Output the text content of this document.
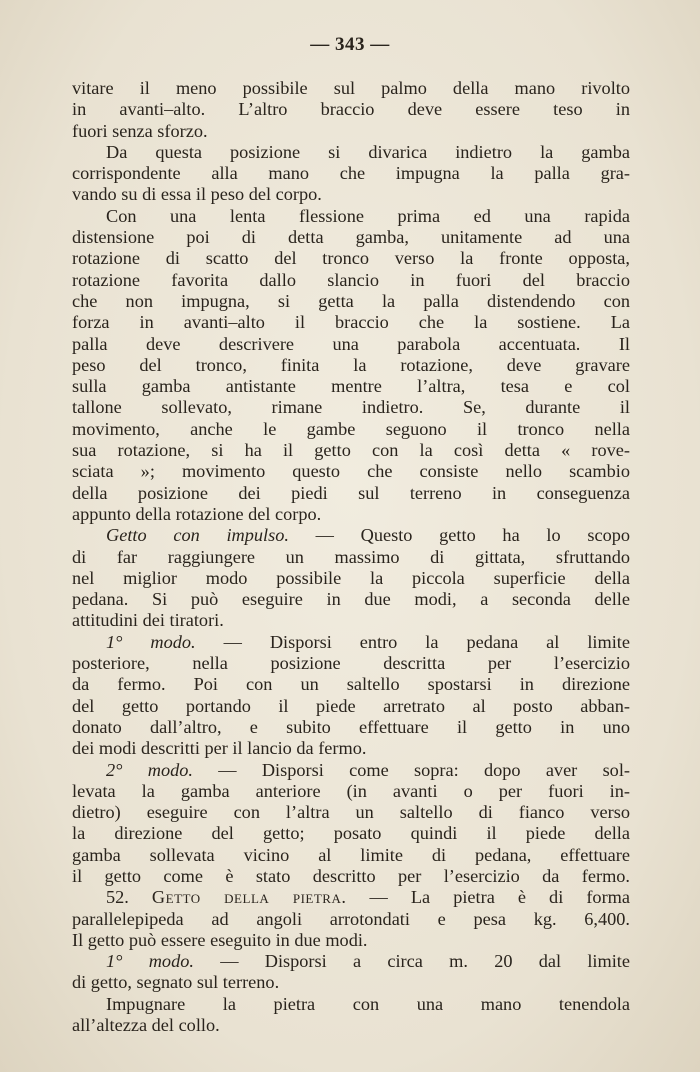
— 343 —
vitare il meno possibile sul palmo della mano rivolto
in avanti–alto. L’altro braccio deve essere teso in
fuori senza sforzo.
Da questa posizione si divarica indietro la gamba
corrispondente alla mano che impugna la palla gra-
vando su di essa il peso del corpo.
Con una lenta flessione prima ed una rapida
distensione poi di detta gamba, unitamente ad una
rotazione di scatto del tronco verso la fronte opposta,
rotazione favorita dallo slancio in fuori del braccio
che non impugna, si getta la palla distendendo con
forza in avanti–alto il braccio che la sostiene. La
palla deve descrivere una parabola accentuata. Il
peso del tronco, finita la rotazione, deve gravare
sulla gamba antistante mentre l’altra, tesa e col
tallone sollevato, rimane indietro. Se, durante il
movimento, anche le gambe seguono il tronco nella
sua rotazione, si ha il getto con la così detta « rove-
sciata »; movimento questo che consiste nello scambio
della posizione dei piedi sul terreno in conseguenza
appunto della rotazione del corpo.
Getto con impulso. — Questo getto ha lo scopo
di far raggiungere un massimo di gittata, sfruttando
nel miglior modo possibile la piccola superficie della
pedana. Si può eseguire in due modi, a seconda delle
attitudini dei tiratori.
1° modo. — Disporsi entro la pedana al limite
posteriore, nella posizione descritta per l’esercizio
da fermo. Poi con un saltello spostarsi in direzione
del getto portando il piede arretrato al posto abban-
donato dall’altro, e subito effettuare il getto in uno
dei modi descritti per il lancio da fermo.
2° modo. — Disporsi come sopra: dopo aver sol-
levata la gamba anteriore (in avanti o per fuori in-
dietro) eseguire con l’altra un saltello di fianco verso
la direzione del getto; posato quindi il piede della
gamba sollevata vicino al limite di pedana, effettuare
il getto come è stato descritto per l’esercizio da fermo.
52. Getto della pietra. — La pietra è di forma
parallelepipeda ad angoli arrotondati e pesa kg. 6,400.
Il getto può essere eseguito in due modi.
1° modo. — Disporsi a circa m. 20 dal limite
di getto, segnato sul terreno.
Impugnare la pietra con una mano tenendola
all’altezza del collo.
